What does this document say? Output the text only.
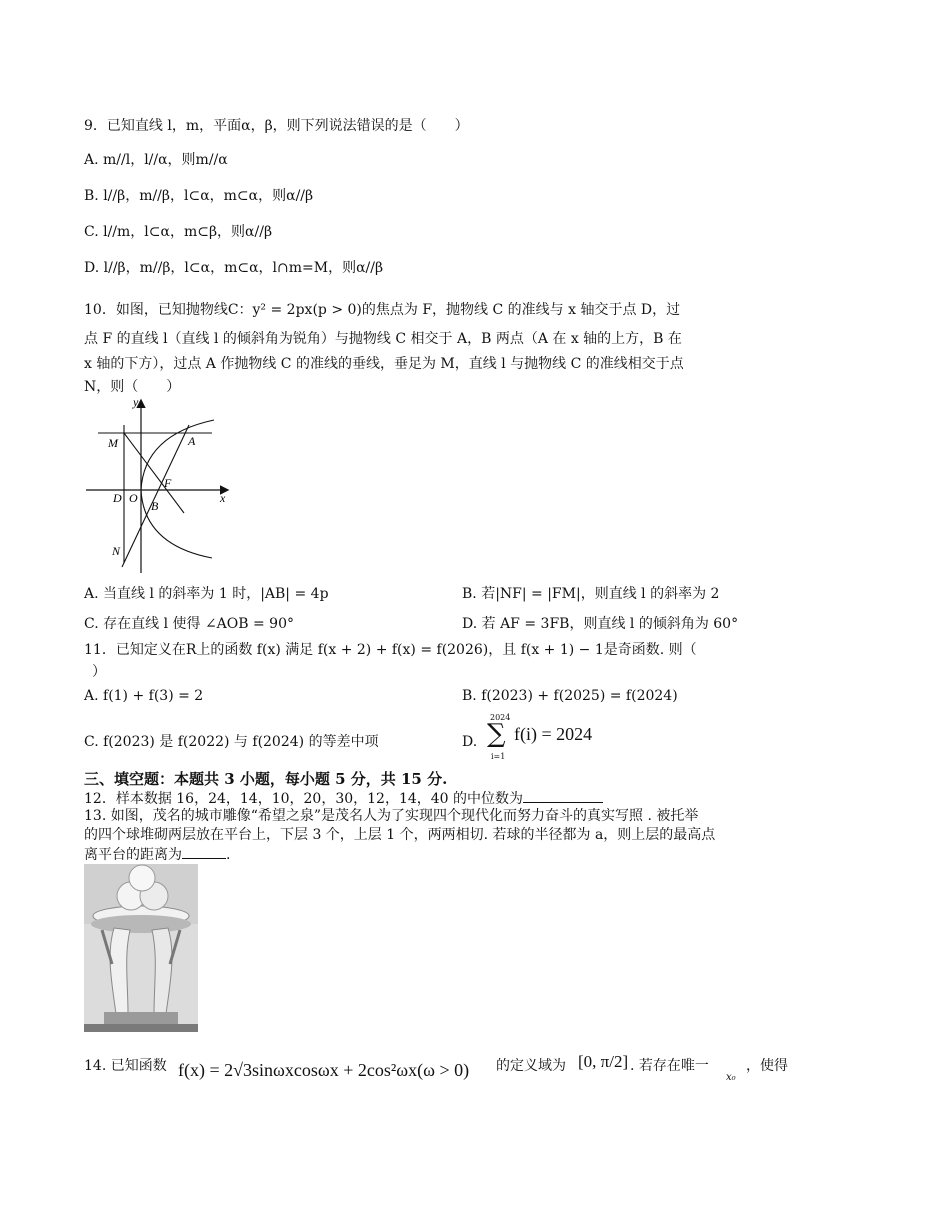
9．已知直线 l，m，平面α，β，则下列说法错误的是（　　）
A. m//l，l//α，则m//α
B. l//β，m//β，l⊂α，m⊂α，则α//β
C. l//m，l⊂α，m⊂β，则α//β
D. l//β，m//β，l⊂α，m⊂α，l∩m=M，则α//β
10．如图，已知抛物线C：y² = 2px(p > 0)的焦点为 F，抛物线 C 的准线与 x 轴交于点 D，过
点 F 的直线 l（直线 l 的倾斜角为锐角）与抛物线 C 相交于 A，B 两点（A 在 x 轴的上方，B 在
x 轴的下方），过点 A 作抛物线 C 的准线的垂线，垂足为 M，直线 l 与抛物线 C 的准线相交于点
N，则（　　）
y
x
M	A
F
D O
B
N
A. 当直线 l 的斜率为 1 时，|AB| = 4p	B. 若|NF| = |FM|，则直线 l 的斜率为 2
C. 存在直线 l 使得 ∠AOB = 90°	D. 若 AF = 3FB，则直线 l 的倾斜角为 60°
11．已知定义在R上的函数 f(x) 满足 f(x + 2) + f(x) = f(2026)，且 f(x + 1) − 1是奇函数. 则（
）
A. f(1) + f(3) = 2	B. f(2023) + f(2025) = f(2024)
C. f(2023) 是 f(2022) 与 f(2024) 的等差中项	D.
2024
∑
i=1
f(i) = 2024
三、填空题：本题共 3 小题，每小题 5 分，共 15 分.
12．样本数据 16，24，14，10，20，30，12，14，40 的中位数为
13. 如图，茂名的城市雕像“希望之泉”是茂名人为了实现四个现代化而努力奋斗的真实写照 . 被托举
的四个球堆砌两层放在平台上，下层 3 个，上层 1 个，两两相切. 若球的半径都为 a，则上层的最高点
离平台的距离为	.
14. 已知函数 f(x) = 2√3sinωxcosωx + 2cos²ωx(ω > 0) 的定义域为 [0, π/2] . 若存在唯一
x₀
，使得
